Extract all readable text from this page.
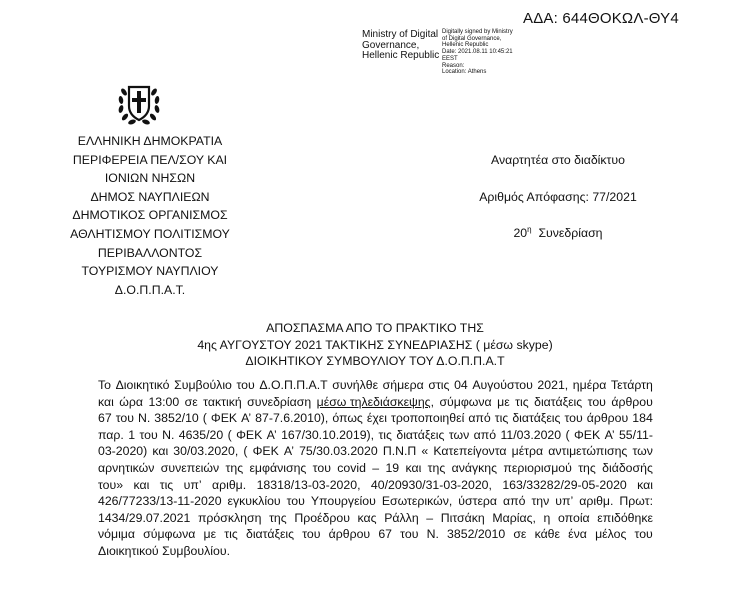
ΑΔΑ: 644ΘΟΚΩΛ-ΘΥ4
Ministry of Digital
Governance,
Hellenic Republic
Digitally signed by Ministry
of Digital Governance,
Hellenic Republic
Date: 2021.08.11 10:45:21
EEST
Reason:
Location: Athens
ΕΛΛΗΝΙΚΗ ΔΗΜΟΚΡΑΤΙΑ
ΠΕΡΙΦΕΡΕΙΑ ΠΕΛ/ΣΟΥ ΚΑΙ
ΙΟΝΙΩΝ ΝΗΣΩΝ
ΔΗΜΟΣ ΝΑΥΠΛΙΕΩΝ
ΔΗΜΟΤΙΚΟΣ ΟΡΓΑΝΙΣΜΟΣ
ΑΘΛΗΤΙΣΜΟΥ ΠΟΛΙΤΙΣΜΟΥ
ΠΕΡΙΒΑΛΛΟΝΤΟΣ
ΤΟΥΡΙΣΜΟΥ ΝΑΥΠΛΙΟΥ
Δ.Ο.Π.Π.Α.Τ.
Αναρτητέα στο διαδίκτυο
Αριθμός Απόφασης: 77/2021
$20^\eta$ Συνεδρίαση
ΑΠΟΣΠΑΣΜΑ ΑΠΟ ΤΟ ΠΡΑΚΤΙΚΟ ΤΗΣ
4ης ΑΥΓΟΥΣΤΟΥ 2021 ΤΑΚΤΙΚΗΣ ΣΥΝΕΔΡΙΑΣΗΣ ( μέσω skype)
ΔΙΟΙΚΗΤΙΚΟΥ ΣΥΜΒΟΥΛΙΟΥ ΤΟΥ Δ.Ο.Π.Π.Α.Τ
Το Διοικητικό Συμβούλιο του Δ.Ο.Π.Π.Α.Τ συνήλθε σήμερα στις 04 Αυγούστου 2021, ημέρα Τετάρτη
και ώρα 13:00 σε τακτική συνεδρίαση μέσω τηλεδιάσκεψης, σύμφωνα με τις διατάξεις του άρθρου
67 του Ν. 3852/10 ( ΦΕΚ Α’ 87-7.6.2010), όπως έχει τροποποιηθεί από τις διατάξεις του άρθρου 184
παρ. 1 του Ν. 4635/20 ( ΦΕΚ Α’ 167/30.10.2019), τις διατάξεις των από 11/03.2020 ( ΦΕΚ Α’ 55/11-
03-2020) και 30/03.2020, ( ΦΕΚ Α’ 75/30.03.2020 Π.Ν.Π « Κατεπείγοντα μέτρα αντιμετώπισης των
αρνητικών συνεπειών της εμφάνισης του covid – 19 και της ανάγκης περιορισμού της διάδοσής
του» και τις υπ’ αριθμ. 18318/13-03-2020, 40/20930/31-03-2020, 163/33282/29-05-2020 και
426/77233/13-11-2020 εγκυκλίου του Υπουργείου Εσωτερικών, ύστερα από την υπ’ αριθμ. Πρωτ:
1434/29.07.2021 πρόσκληση της Προέδρου κας Ράλλη – Πιτσάκη Μαρίας, η οποία επιδόθηκε
νόμιμα σύμφωνα με τις διατάξεις του άρθρου 67 του Ν. 3852/2010 σε κάθε ένα μέλος του
Διοικητικού Συμβουλίου.
